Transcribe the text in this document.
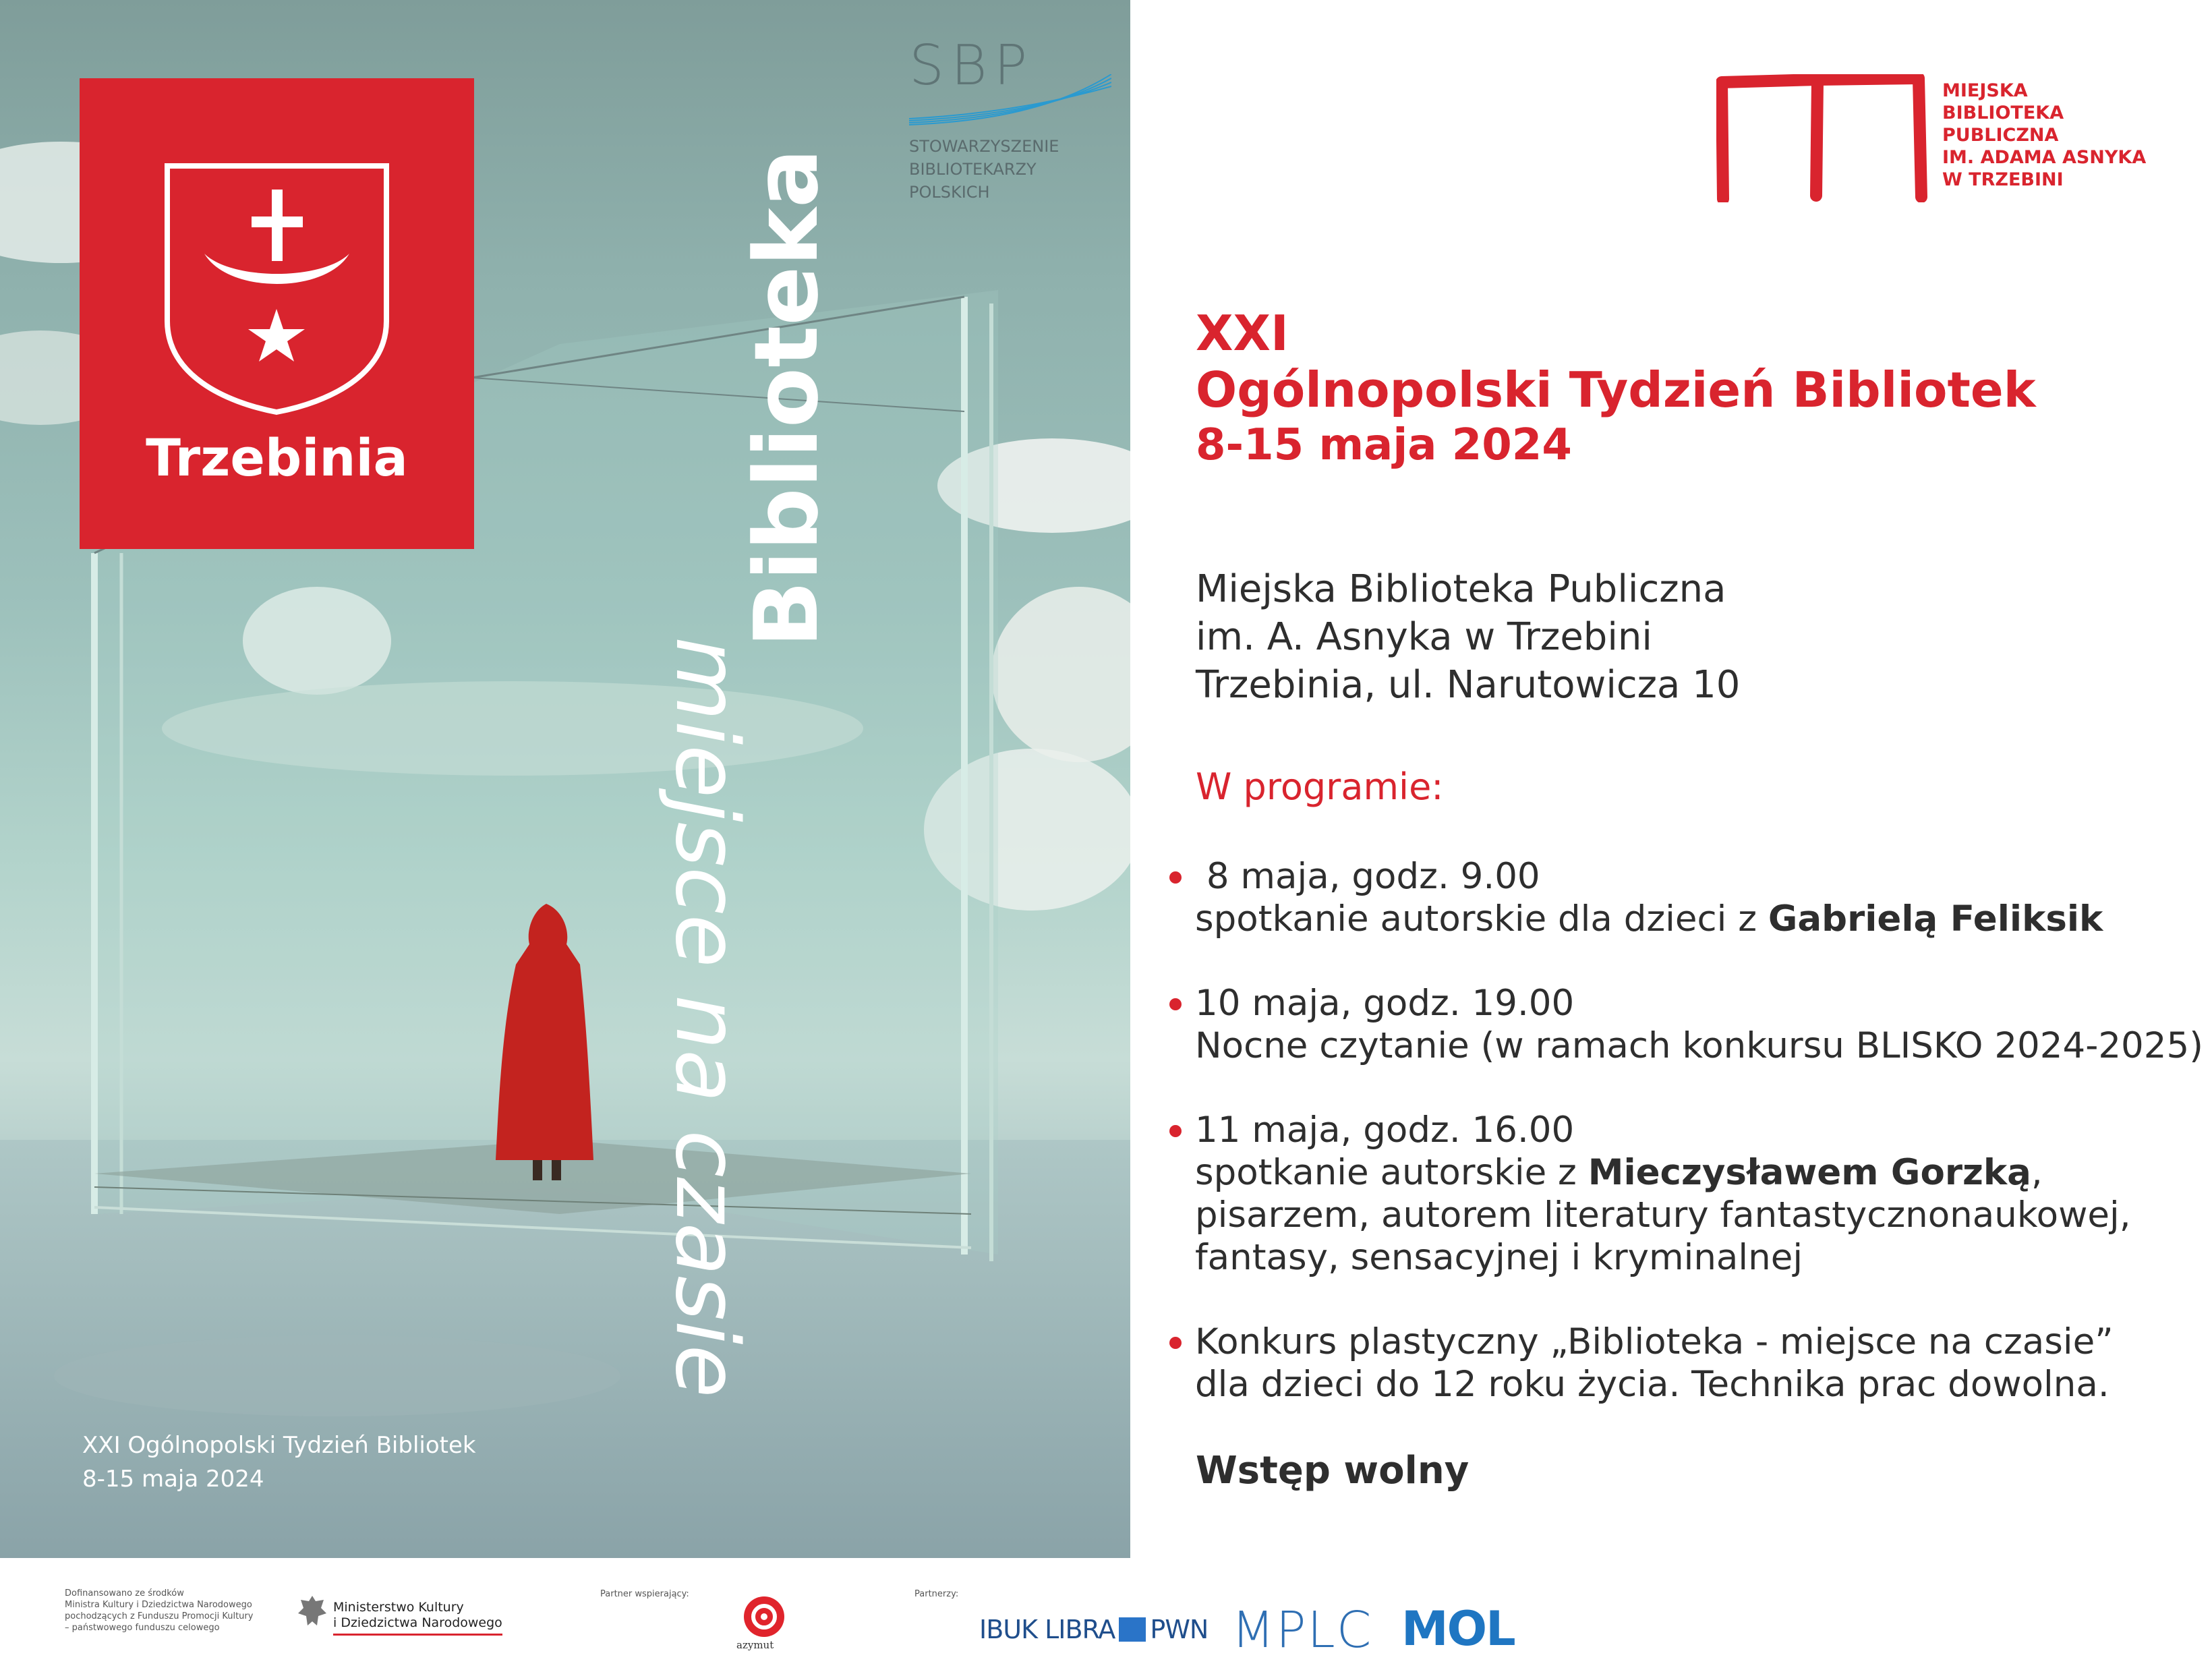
Trzebinia
SBP
STOWARZYSZENIE
BIBLIOTEKARZY
POLSKICH
Biblioteka
miejsce na czasie
XXI Ogólnopolski Tydzień Bibliotek
8-15 maja 2024
MIEJSKA
BIBLIOTEKA
PUBLICZNA
IM. ADAMA ASNYKA
W TRZEBINI
XXI
Ogólnopolski Tydzień Bibliotek
8-15 maja 2024
Miejska Biblioteka Publiczna
im. A. Asnyka w Trzebini
Trzebinia, ul. Narutowicza 10
W programie:
8 maja, godz. 9.00
spotkanie autorskie dla dzieci z Gabrielą Feliksik
10 maja, godz. 19.00
Nocne czytanie (w ramach konkursu BLISKO 2024-2025)
11 maja, godz. 16.00
spotkanie autorskie z Mieczysławem Gorzką,
pisarzem, autorem literatury fantastycznonaukowej,
fantasy, sensacyjnej i kryminalnej
Konkurs plastyczny „Biblioteka - miejsce na czasie”
dla dzieci do 12 roku życia. Technika prac dowolna.
Wstęp wolny
Dofinansowano ze środków
Ministra Kultury i Dziedzictwa Narodowego
pochodzących z Funduszu Promocji Kultury
– państwowego funduszu celowego
Ministerstwo Kultury
i Dziedzictwa Narodowego
Partner wspierający:
azymut
Partnerzy:
IBUK LIBRA PWN MPLC MOL
